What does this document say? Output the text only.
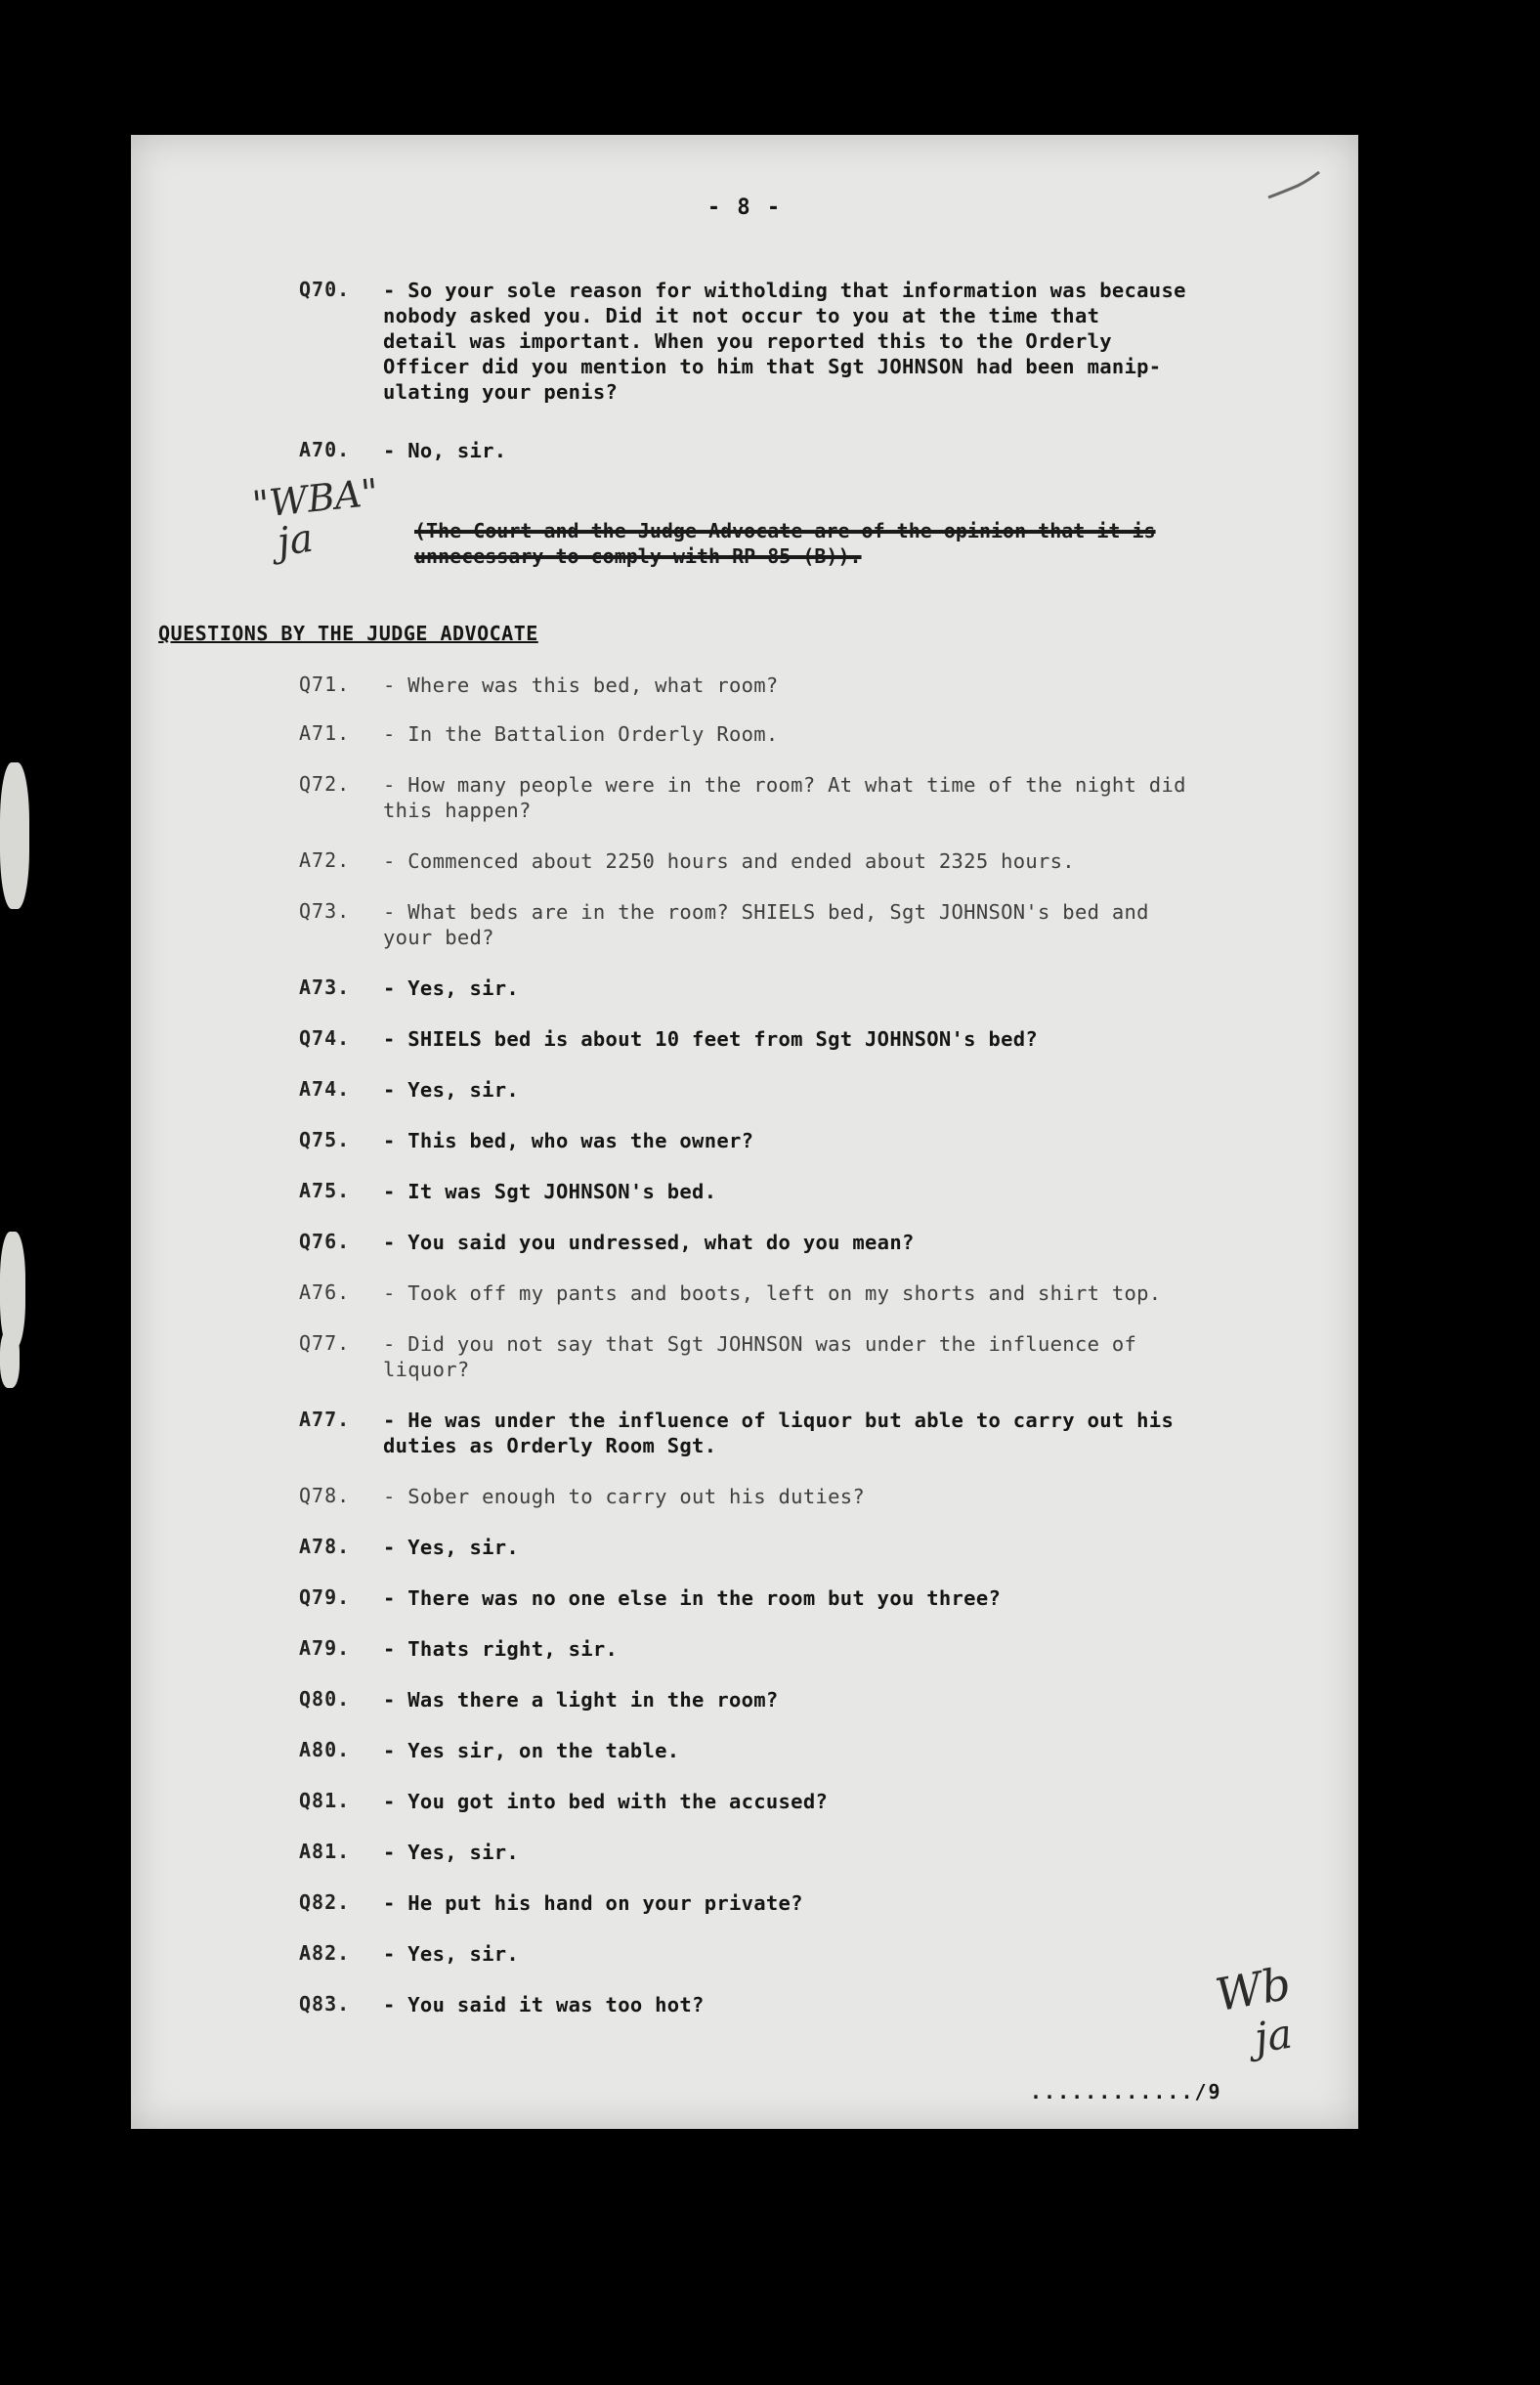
- 8 -
Q70. - So your sole reason for witholding that information was because
nobody asked you. Did it not occur to you at the time that
detail was important. When you reported this to the Orderly
Officer did you mention to him that Sgt JOHNSON had been manip-
ulating your penis?
A70. - No, sir.
(The Court and the Judge Advocate are of the opinion that it is unnecessary to comply with RP 85 (B)).
QUESTIONS BY THE JUDGE ADVOCATE
Q71. - Where was this bed, what room?
A71. - In the Battalion Orderly Room.
Q72. - How many people were in the room? At what time of the night did
this happen?
A72. - Commenced about 2250 hours and ended about 2325 hours.
Q73. - What beds are in the room? SHIELS bed, Sgt JOHNSON's bed and
your bed?
A73. - Yes, sir.
Q74. - SHIELS bed is about 10 feet from Sgt JOHNSON's bed?
A74. - Yes, sir.
Q75. - This bed, who was the owner?
A75. - It was Sgt JOHNSON's bed.
Q76. - You said you undressed, what do you mean?
A76. - Took off my pants and boots, left on my shorts and shirt top.
Q77. - Did you not say that Sgt JOHNSON was under the influence of
liquor?
A77. - He was under the influence of liquor but able to carry out his
duties as Orderly Room Sgt.
Q78. - Sober enough to carry out his duties?
A78. - Yes, sir.
Q79. - There was no one else in the room but you three?
A79. - Thats right, sir.
Q80. - Was there a light in the room?
A80. - Yes sir, on the table.
Q81. - You got into bed with the accused?
A81. - Yes, sir.
Q82. - He put his hand on your private?
A82. - Yes, sir.
Q83. - You said it was too hot?
............/9
"WBA"
ja
Wb
ja
